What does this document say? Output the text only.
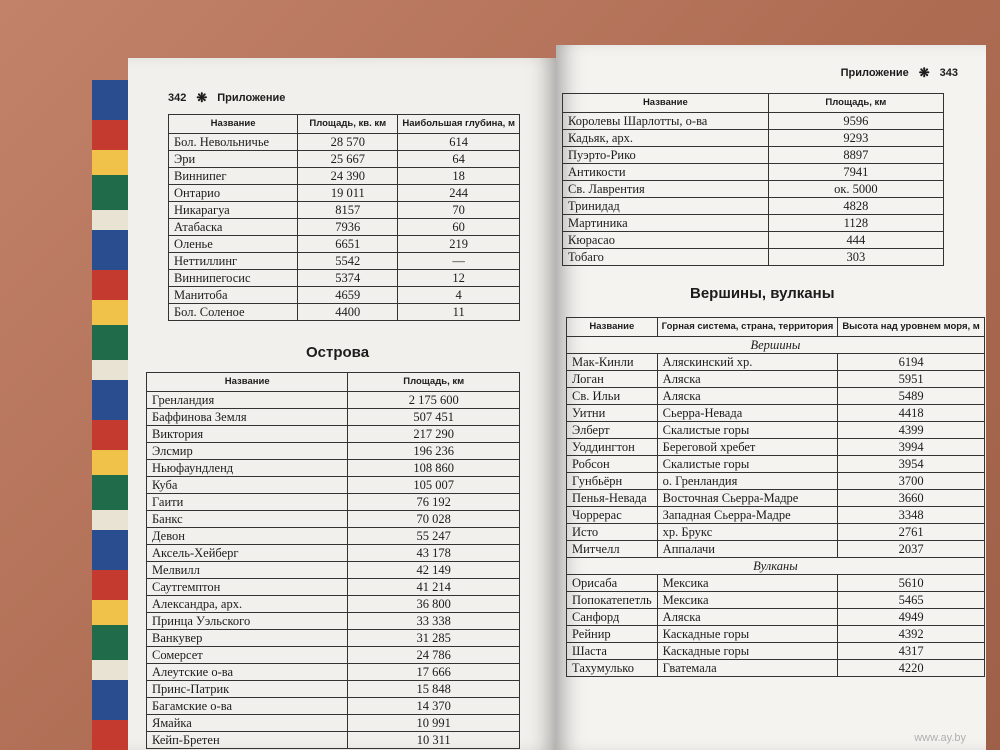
342 ❋ Приложение
Название	Площадь, кв. км	Наибольшая глубина, м
Бол. Невольничье	28 570	614
Эри	25 667	64
Виннипег	24 390	18
Онтарио	19 011	244
Никарагуа	8157	70
Атабаска	7936	60
Оленье	6651	219
Неттиллинг	5542	—
Виннипегосис	5374	12
Манитоба	4659	4
Бол. Соленое	4400	11
Острова
Название	Площадь, км
Гренландия	2 175 600
Баффинова Земля	507 451
Виктория	217 290
Элсмир	196 236
Ньюфаундленд	108 860
Куба	105 007
Гаити	76 192
Банкс	70 028
Девон	55 247
Аксель-Хейберг	43 178
Мелвилл	42 149
Саутгемптон	41 214
Александра, арх.	36 800
Принца Уэльского	33 338
Ванкувер	31 285
Сомерсет	24 786
Алеутские о-ва	17 666
Принс-Патрик	15 848
Багамские о-ва	14 370
Ямайка	10 991
Кейп-Бретен	10 311
Приложение ❋ 343
Название	Площадь, км
Королевы Шарлотты, о-ва	9596
Кадьяк, арх.	9293
Пуэрто-Рико	8897
Антикости	7941
Св. Лаврентия	ок. 5000
Тринидад	4828
Мартиника	1128
Кюрасао	444
Тобаго	303
Вершины, вулканы
Название	Горная система, страна, территория	Высота над уровнем моря, м
Вершины		
Мак-Кинли	Аляскинский хр.	6194
Логан	Аляска	5951
Св. Ильи	Аляска	5489
Уитни	Сьерра-Невада	4418
Элберт	Скалистые горы	4399
Уоддингтон	Береговой хребет	3994
Робсон	Скалистые горы	3954
Гунбьёрн	о. Гренландия	3700
Пенья-Невада	Восточная Сьерра-Мадре	3660
Чоррерас	Западная Сьерра-Мадре	3348
Исто	хр. Брукс	2761
Митчелл	Аппалачи	2037
Вулканы		
Орисаба	Мексика	5610
Попокатепетль	Мексика	5465
Санфорд	Аляска	4949
Рейнир	Каскадные горы	4392
Шаста	Каскадные горы	4317
Тахумулько	Гватемала	4220
www.ay.by
